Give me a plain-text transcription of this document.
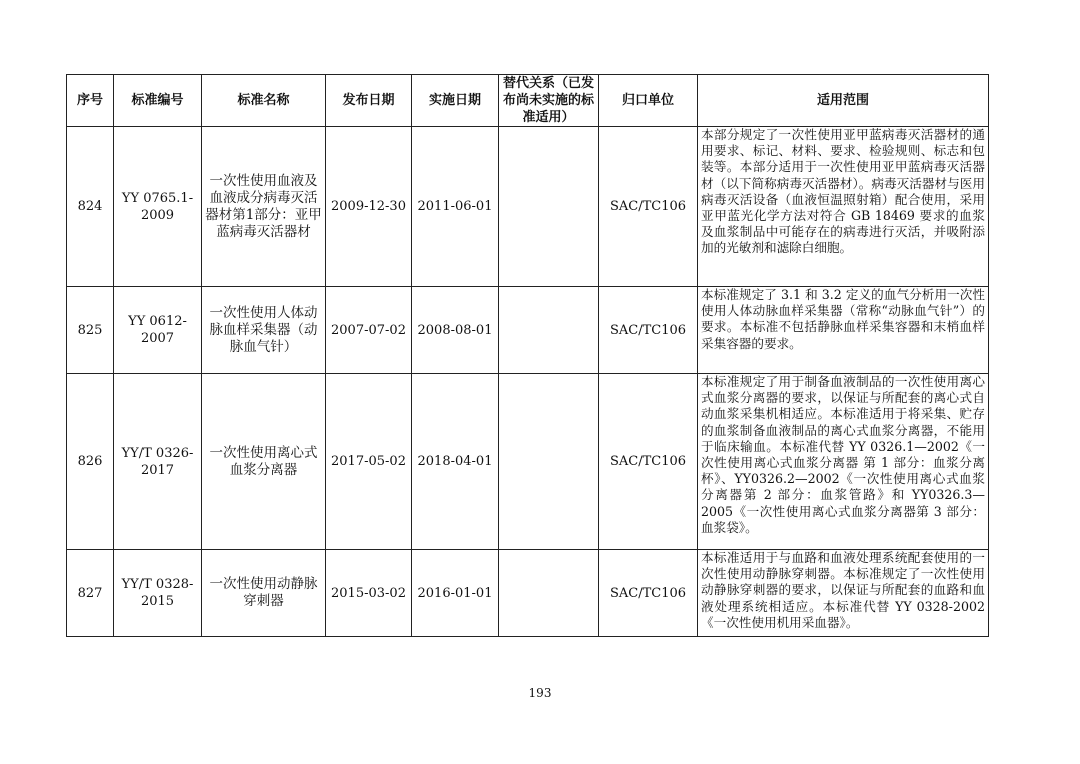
序号	标准编号	标准名称	发布日期	实施日期	替代关系（已发布尚未实施的标准适用）	归口单位	适用范围
824	YY 0765.1-2009	一次性使用血液及血液成分病毒灭活器材第1部分：亚甲蓝病毒灭活器材	2009-12-30	2011-06-01		SAC/TC106	本部分规定了一次性使用亚甲蓝病毒灭活器材的通用要求、标记、材料、要求、检验规则、标志和包装等。本部分适用于一次性使用亚甲蓝病毒灭活器材（以下简称病毒灭活器材）。病毒灭活器材与医用病毒灭活设备（血液恒温照射箱）配合使用，采用亚甲蓝光化学方法对符合 GB 18469 要求的血浆及血浆制品中可能存在的病毒进行灭活，并吸附添加的光敏剂和滤除白细胞。
825	YY 0612-2007	一次性使用人体动脉血样采集器（动脉血气针）	2007-07-02	2008-08-01		SAC/TC106	本标准规定了 3.1 和 3.2 定义的血气分析用一次性使用人体动脉血样采集器（常称“动脉血气针”）的要求。本标准不包括静脉血样采集容器和末梢血样采集容器的要求。
826	YY/T 0326-2017	一次性使用离心式血浆分离器	2017-05-02	2018-04-01		SAC/TC106	本标准规定了用于制备血液制品的一次性使用离心式血浆分离器的要求，以保证与所配套的离心式自动血浆采集机相适应。本标准适用于将采集、贮存的血浆制备血液制品的离心式血浆分离器，不能用于临床输血。本标准代替 YY 0326.1—2002《一次性使用离心式血浆分离器 第 1 部分：血浆分离杯》、YY0326.2—2002《一次性使用离心式血浆分离器第 2 部分：血浆管路》和 YY0326.3—2005《一次性使用离心式血浆分离器第 3 部分：血浆袋》。
827	YY/T 0328-2015	一次性使用动静脉穿刺器	2015-03-02	2016-01-01		SAC/TC106	本标准适用于与血路和血液处理系统配套使用的一次性使用动静脉穿刺器。本标准规定了一次性使用动静脉穿刺器的要求，以保证与所配套的血路和血液处理系统相适应。本标准代替 YY 0328-2002《一次性使用机用采血器》。
193
